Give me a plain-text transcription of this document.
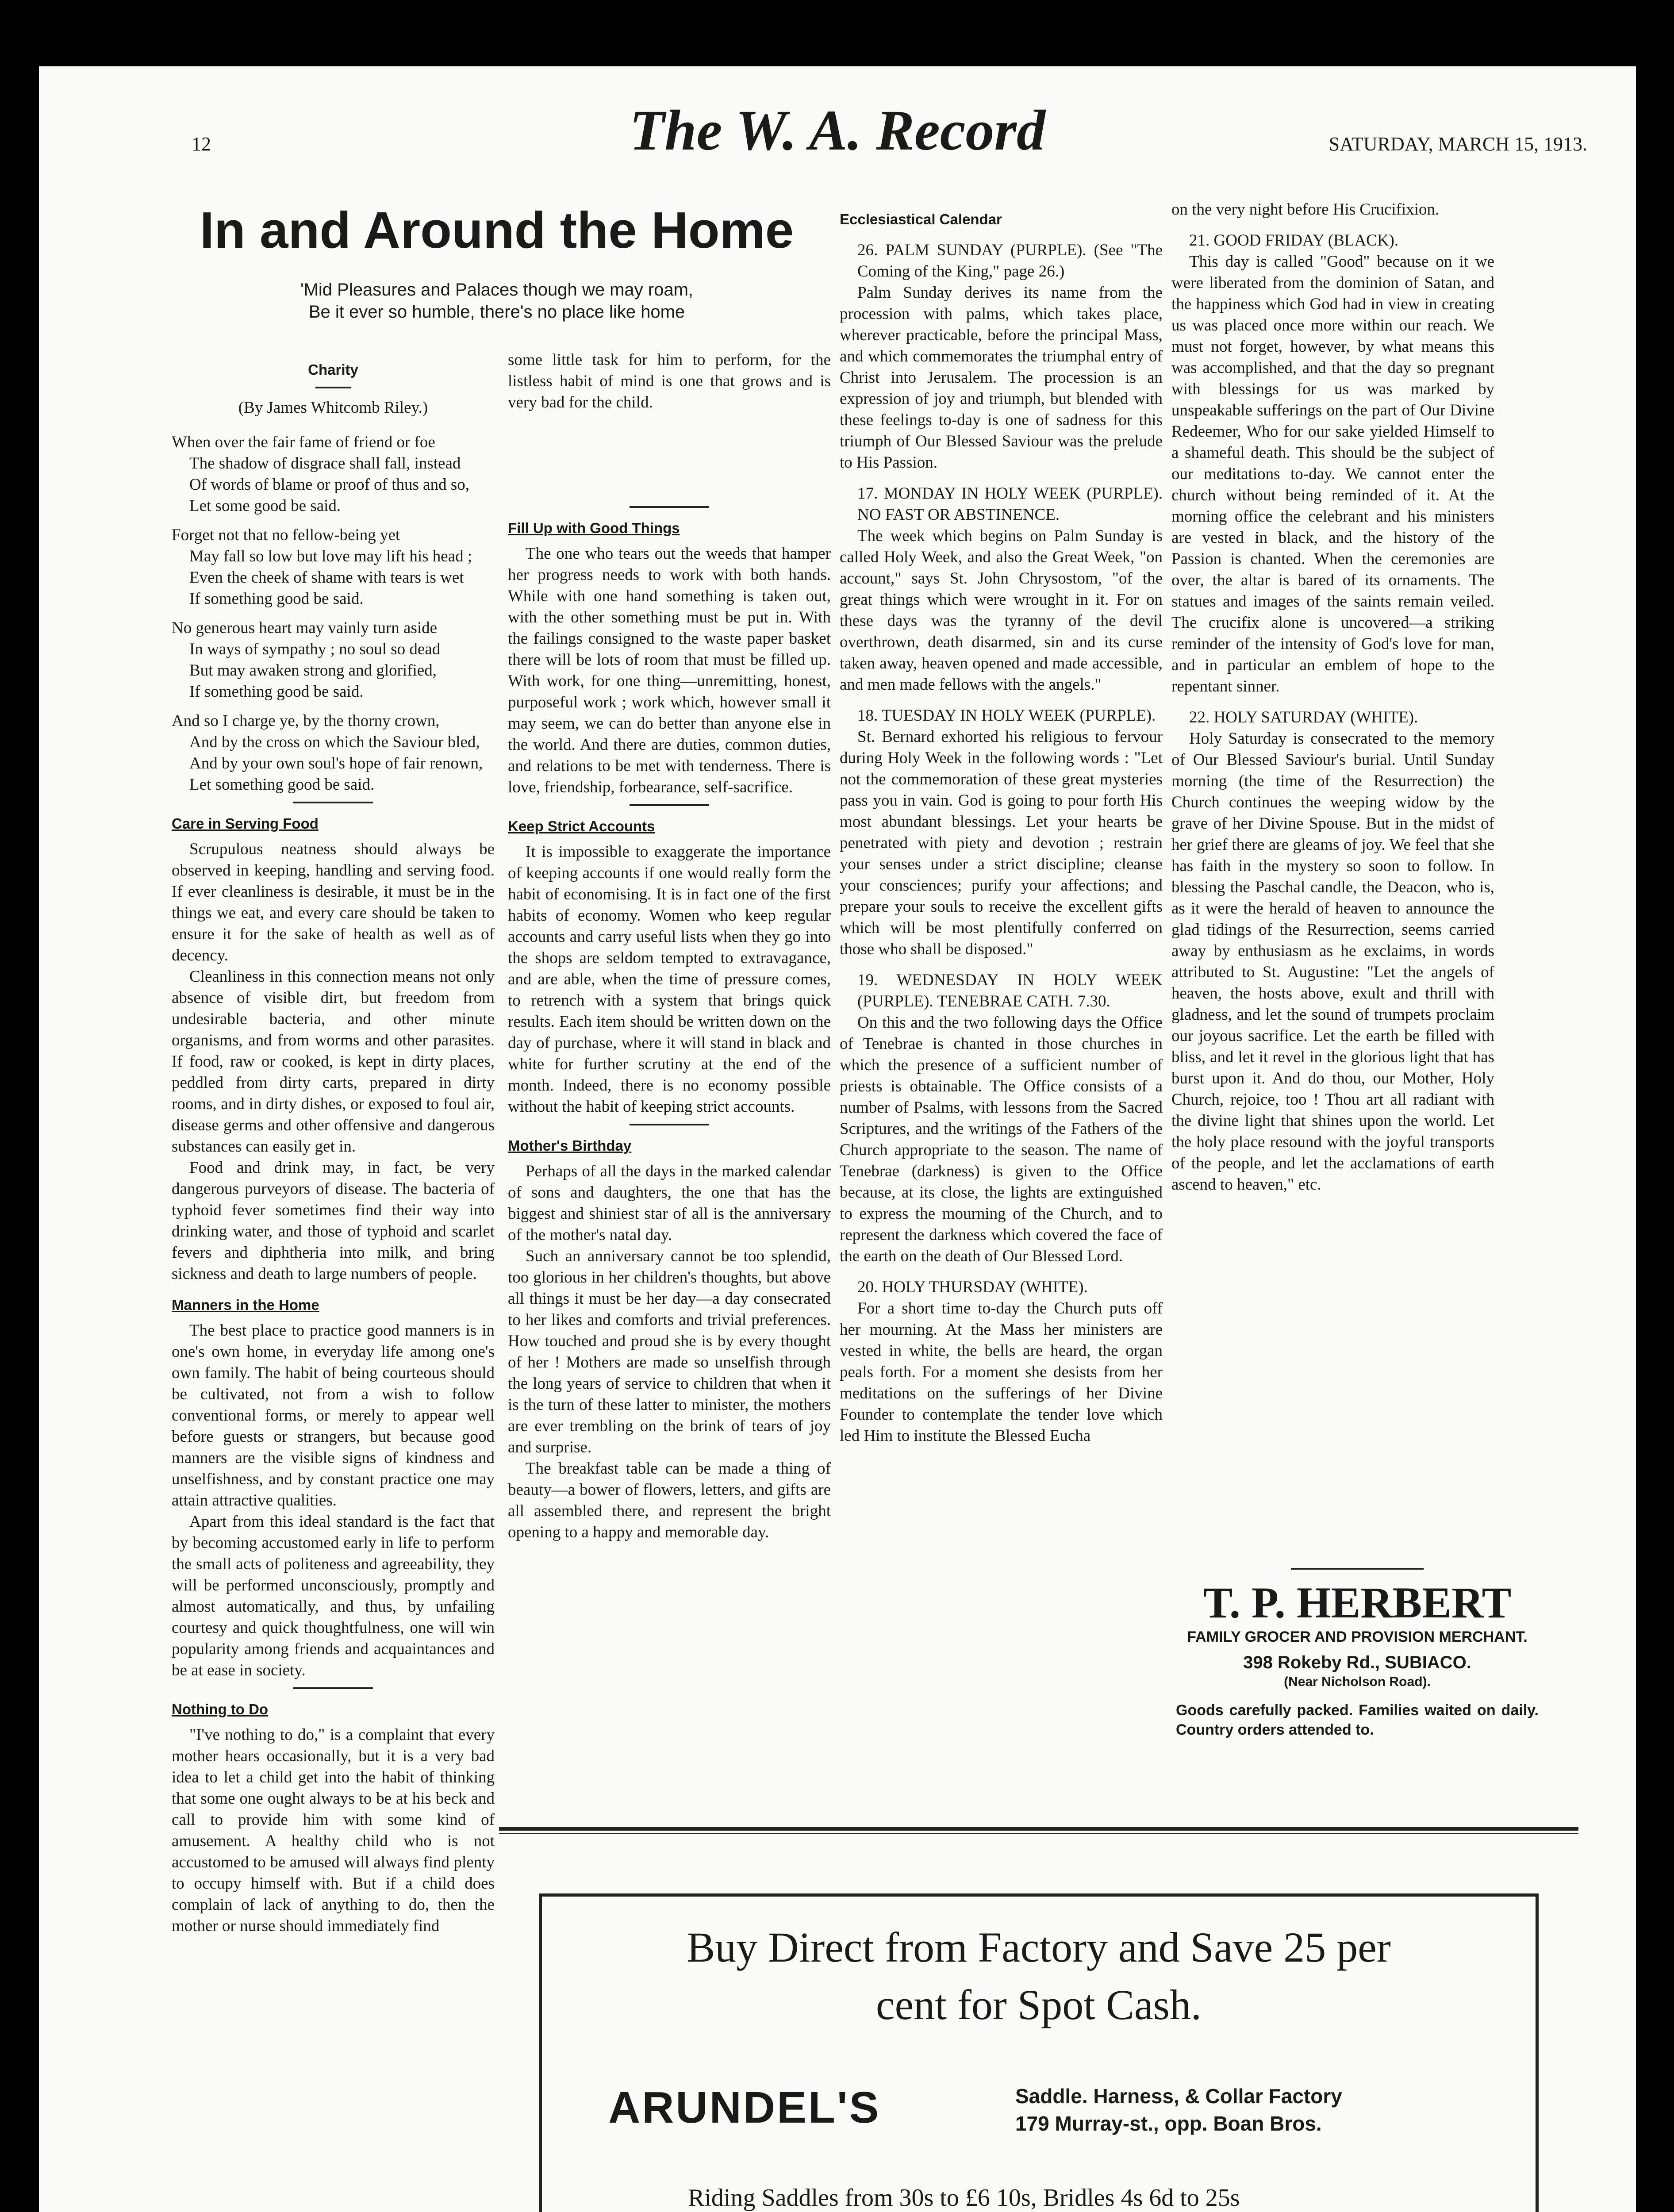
12	The W. A. Record	SATURDAY, MARCH 15, 1913.
In and Around the Home
'Mid Pleasures and Palaces though we may roam,
Be it ever so humble, there's no place like home
Charity

(By James Whitcomb Riley.)

When over the fair fame of friend or foe

The shadow of disgrace shall fall, instead

Of words of blame or proof of thus and so,

Let some good be said.

Forget not that no fellow-being yet

May fall so low but love may lift his head ;

Even the cheek of shame with tears is wet

If something good be said.

No generous heart may vainly turn aside

In ways of sympathy ; no soul so dead

But may awaken strong and glorified,

If something good be said.

And so I charge ye, by the thorny crown,

And by the cross on which the Saviour bled,

And by your own soul's hope of fair renown,

Let something good be said.

Care in Serving Food

Scrupulous neatness should always be observed in keeping, handling and serving food. If ever cleanliness is desirable, it must be in the things we eat, and every care should be taken to ensure it for the sake of health as well as of decency.

Cleanliness in this connection means not only absence of visible dirt, but freedom from undesirable bacteria, and other minute organisms, and from worms and other parasites. If food, raw or cooked, is kept in dirty places, peddled from dirty carts, prepared in dirty rooms, and in dirty dishes, or exposed to foul air, disease germs and other offensive and dangerous substances can easily get in.

Food and drink may, in fact, be very dangerous purveyors of disease. The bacteria of typhoid fever sometimes find their way into drinking water, and those of typhoid and scarlet fevers and diphtheria into milk, and bring sickness and death to large numbers of people.

Manners in the Home

The best place to practice good manners is in one's own home, in everyday life among one's own family. The habit of being courteous should be cultivated, not from a wish to follow conventional forms, or merely to appear well before guests or strangers, but because good manners are the visible signs of kindness and unselfishness, and by constant practice one may attain attractive qualities.

Apart from this ideal standard is the fact that by becoming accustomed early in life to perform the small acts of politeness and agreeability, they will be performed unconsciously, promptly and almost automatically, and thus, by unfailing courtesy and quick thoughtfulness, one will win popularity among friends and acquaintances and be at ease in society.

Nothing to Do

"I've nothing to do," is a complaint that every mother hears occasionally, but it is a very bad idea to let a child get into the habit of thinking that some one ought always to be at his beck and call to provide him with some kind of amusement. A healthy child who is not accustomed to be amused will always find plenty to occupy himself with. But if a child does complain of lack of anything to do, then the mother or nurse should immediately find

some little task for him to perform, for the listless habit of mind is one that grows and is very bad for the child.

Fill Up with Good Things

The one who tears out the weeds that hamper her progress needs to work with both hands. While with one hand something is taken out, with the other something must be put in. With the failings consigned to the waste paper basket there will be lots of room that must be filled up. With work, for one thing—unremitting, honest, purposeful work ; work which, however small it may seem, we can do better than anyone else in the world. And there are duties, common duties, and relations to be met with tenderness. There is love, friendship, forbearance, self-sacrifice.

Keep Strict Accounts

It is impossible to exaggerate the importance of keeping accounts if one would really form the habit of economising. It is in fact one of the first habits of economy. Women who keep regular accounts and carry useful lists when they go into the shops are seldom tempted to extravagance, and are able, when the time of pressure comes, to retrench with a system that brings quick results. Each item should be written down on the day of purchase, where it will stand in black and white for further scrutiny at the end of the month. Indeed, there is no economy possible without the habit of keeping strict accounts.

Mother's Birthday

Perhaps of all the days in the marked calendar of sons and daughters, the one that has the biggest and shiniest star of all is the anniversary of the mother's natal day.

Such an anniversary cannot be too splendid, too glorious in her children's thoughts, but above all things it must be her day—a day consecrated to her likes and comforts and trivial preferences. How touched and proud she is by every thought of her ! Mothers are made so unselfish through the long years of service to children that when it is the turn of these latter to minister, the mothers are ever trembling on the brink of tears of joy and surprise.

The breakfast table can be made a thing of beauty—a bower of flowers, letters, and gifts are all assembled there, and represent the bright opening to a happy and memorable day.

Ecclesiastical Calendar

26. PALM SUNDAY (PURPLE). (See "The Coming of the King," page 26.)

Palm Sunday derives its name from the procession with palms, which takes place, wherever practicable, before the principal Mass, and which commemorates the triumphal entry of Christ into Jerusalem. The procession is an expression of joy and triumph, but blended with these feelings to-day is one of sadness for this triumph of Our Blessed Saviour was the prelude to His Passion.

17. MONDAY IN HOLY WEEK (PURPLE). NO FAST OR ABSTINENCE.

The week which begins on Palm Sunday is called Holy Week, and also the Great Week, "on account," says St. John Chrysostom, "of the great things which were wrought in it. For on these days was the tyranny of the devil overthrown, death disarmed, sin and its curse taken away, heaven opened and made accessible, and men made fellows with the angels."

18. TUESDAY IN HOLY WEEK (PURPLE).

St. Bernard exhorted his religious to fervour during Holy Week in the following words : "Let not the commemoration of these great mysteries pass you in vain. God is going to pour forth His most abundant blessings. Let your hearts be penetrated with piety and devotion ; restrain your senses under a strict discipline; cleanse your consciences; purify your affections; and prepare your souls to receive the excellent gifts which will be most plentifully conferred on those who shall be disposed."

19. WEDNESDAY IN HOLY WEEK (PURPLE). TENEBRAE CATH. 7.30.

On this and the two following days the Office of Tenebrae is chanted in those churches in which the presence of a sufficient number of priests is obtainable. The Office consists of a number of Psalms, with lessons from the Sacred Scriptures, and the writings of the Fathers of the Church appropriate to the season. The name of Tenebrae (darkness) is given to the Office because, at its close, the lights are extinguished to express the mourning of the Church, and to represent the darkness which covered the face of the earth on the death of Our Blessed Lord.

20. HOLY THURSDAY (WHITE).

For a short time to-day the Church puts off her mourning. At the Mass her ministers are vested in white, the bells are heard, the organ peals forth. For a moment she desists from her meditations on the sufferings of her Divine Founder to contemplate the tender love which led Him to institute the Blessed Eucha

on the very night before His Crucifixion.

21. GOOD FRIDAY (BLACK).

This day is called "Good" because on it we were liberated from the dominion of Satan, and the happiness which God had in view in creating us was placed once more within our reach. We must not forget, however, by what means this was accomplished, and that the day so pregnant with blessings for us was marked by unspeakable sufferings on the part of Our Divine Redeemer, Who for our sake yielded Himself to a shameful death. This should be the subject of our meditations to-day. We cannot enter the church without being reminded of it. At the morning office the celebrant and his ministers are vested in black, and the history of the Passion is chanted. When the ceremonies are over, the altar is bared of its ornaments. The statues and images of the saints remain veiled. The crucifix alone is uncovered—a striking reminder of the intensity of God's love for man, and in particular an emblem of hope to the repentant sinner.

22. HOLY SATURDAY (WHITE).

Holy Saturday is consecrated to the memory of Our Blessed Saviour's burial. Until Sunday morning (the time of the Resurrection) the Church continues the weeping widow by the grave of her Divine Spouse. But in the midst of her grief there are gleams of joy. We feel that she has faith in the mystery so soon to follow. In blessing the Paschal candle, the Deacon, who is, as it were the herald of heaven to announce the glad tidings of the Resurrection, seems carried away by enthusiasm as he exclaims, in words attributed to St. Augustine: "Let the angels of heaven, the hosts above, exult and thrill with gladness, and let the sound of trumpets proclaim our joyous sacrifice. Let the earth be filled with bliss, and let it revel in the glorious light that has burst upon it. And do thou, our Mother, Holy Church, rejoice, too ! Thou art all radiant with the divine light that shines upon the world. Let the holy place resound with the joyful transports of the people, and let the acclamations of earth ascend to heaven," etc.

T. P. HERBERT
FAMILY GROCER AND PROVISION MERCHANT.
398 Rokeby Rd., SUBIACO.
(Near Nicholson Road).
Goods carefully packed. Families waited on daily. Country orders attended to.
Buy Direct from Factory and Save 25 per
cent for Spot Cash.
ARUNDEL'S	Saddle. Harness, & Collar Factory
179 Murray-st., opp. Boan Bros.
Riding Saddles from 30s to £6 10s, Bridles 4s 6d to 25s
